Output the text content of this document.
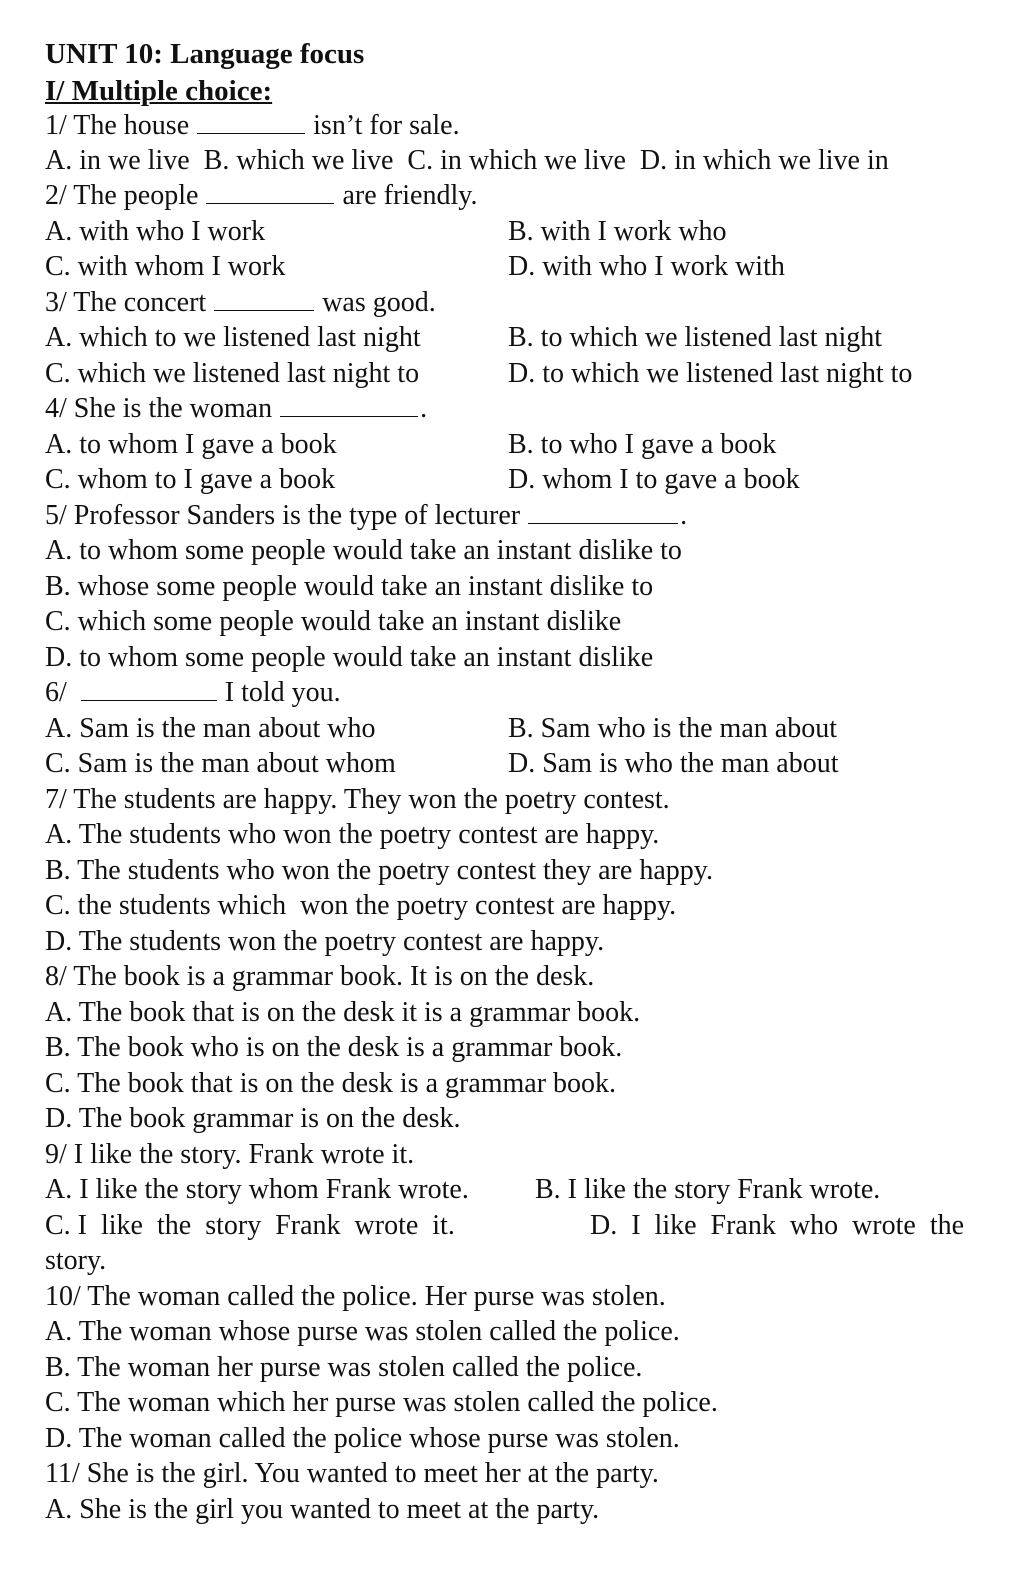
UNIT 10: Language focus
I/ Multiple choice:
1/ The house	isn’t for sale.
A. in we live B. which we live C. in which we live D. in which we live in
2/ The people	are friendly.
A. with who I work	B. with I work who
C. with whom I work	D. with who I work with
3/ The concert	was good.
A. which to we listened last night	B. to which we listened last night
C. which we listened last night to	D. to which we listened last night to
4/ She is the woman	.
A. to whom I gave a book	B. to who I gave a book
C. whom to I gave a book	D. whom I to gave a book
5/ Professor Sanders is the type of lecturer	.
A. to whom some people would take an instant dislike to
B. whose some people would take an instant dislike to
C. which some people would take an instant dislike
D. to whom some people would take an instant dislike
6/	I told you.
A. Sam is the man about who	B. Sam who is the man about
C. Sam is the man about whom	D. Sam is who the man about
7/ The students are happy. They won the poetry contest.
A. The students who won the poetry contest are happy.
B. The students who won the poetry contest they are happy.
C. the students which  won the poetry contest are happy.
D. The students won the poetry contest are happy.
8/ The book is a grammar book. It is on the desk.
A. The book that is on the desk it is a grammar book.
B. The book who is on the desk is a grammar book.
C. The book that is on the desk is a grammar book.
D. The book grammar is on the desk.
9/ I like the story. Frank wrote it.
A. I like the story whom Frank wrote. B. I like the story Frank wrote.
C. I  like  the  story  Frank  wrote  it.	D.  I  like  Frank  who  wrote  the
story.
10/ The woman called the police. Her purse was stolen.
A. The woman whose purse was stolen called the police.
B. The woman her purse was stolen called the police.
C. The woman which her purse was stolen called the police.
D. The woman called the police whose purse was stolen.
11/ She is the girl. You wanted to meet her at the party.
A. She is the girl you wanted to meet at the party.
